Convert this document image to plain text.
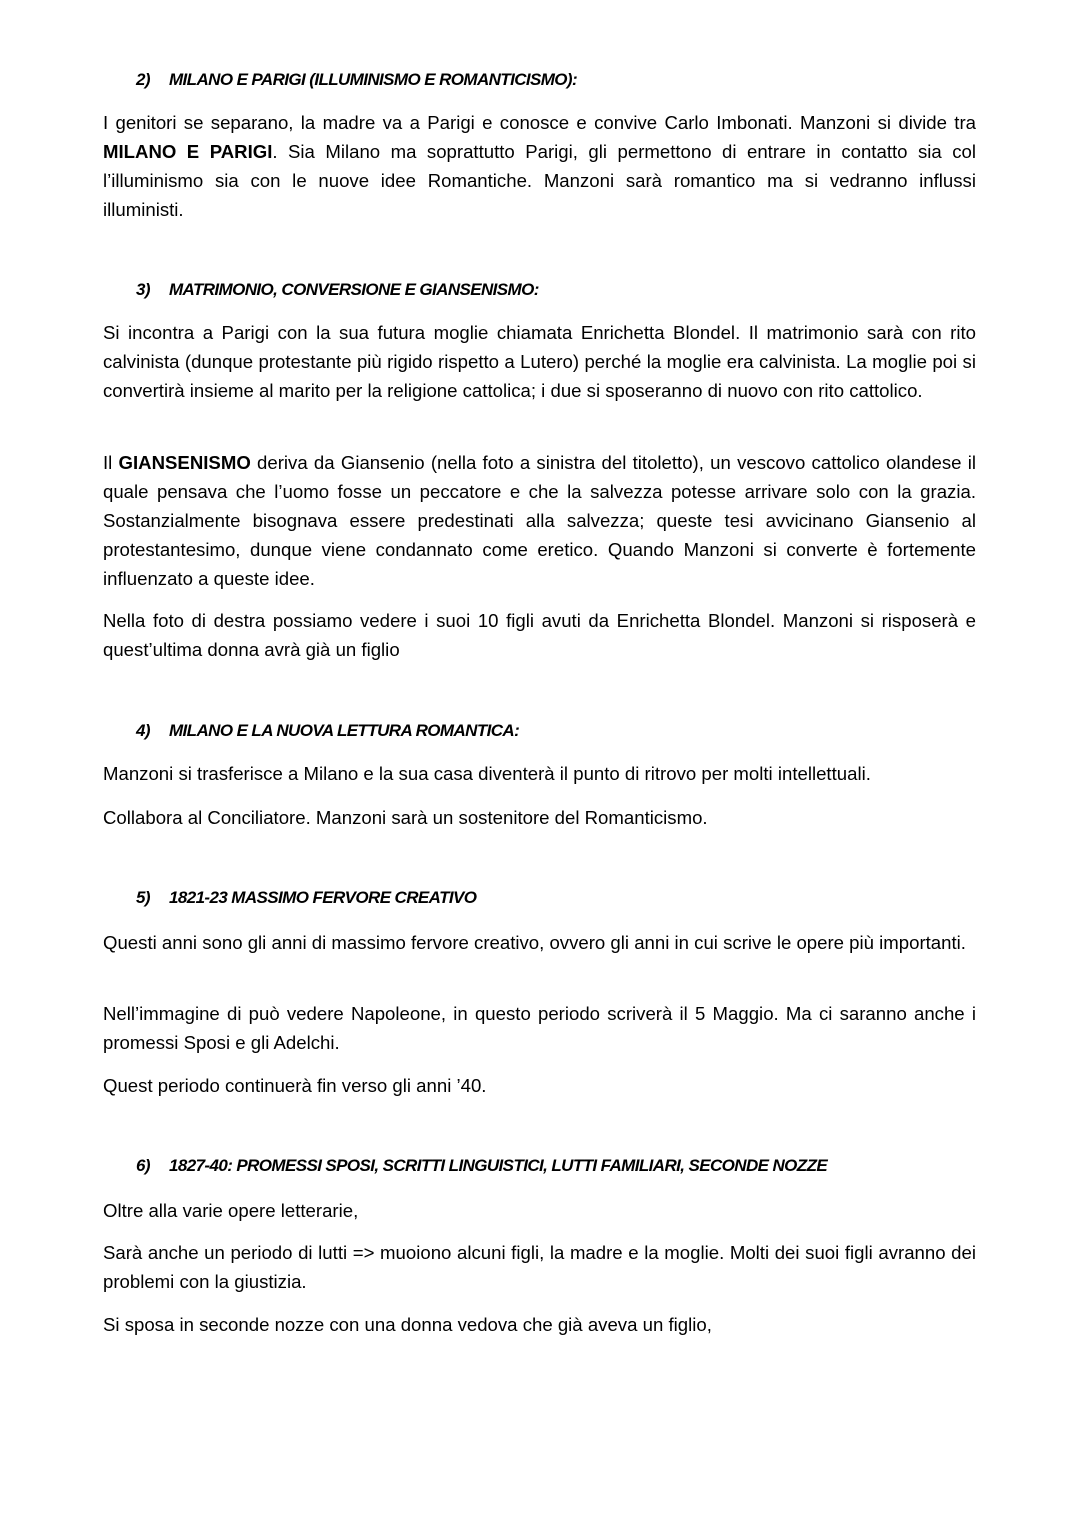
2) MILANO E PARIGI (ILLUMINISMO E ROMANTICISMO):

I genitori se separano, la madre va a Parigi e conosce e convive Carlo Imbonati. Manzoni si divide tra MILANO E PARIGI. Sia Milano ma soprattutto Parigi, gli permettono di entrare in contatto sia col l’illuminismo sia con le nuove idee Romantiche. Manzoni sarà romantico ma si vedranno influssi illuministi.

3) MATRIMONIO, CONVERSIONE E GIANSENISMO:

Si incontra a Parigi con la sua futura moglie chiamata Enrichetta Blondel. Il matrimonio sarà con rito calvinista (dunque protestante più rigido rispetto a Lutero) perché la moglie era calvinista. La moglie poi si convertirà insieme al marito per la religione cattolica; i due si sposeranno di nuovo con rito cattolico.

Il GIANSENISMO deriva da Giansenio (nella foto a sinistra del titoletto), un vescovo cattolico olandese il quale pensava che l’uomo fosse un peccatore e che la salvezza potesse arrivare solo con la grazia. Sostanzialmente bisognava essere predestinati alla salvezza; queste tesi avvicinano Giansenio al protestantesimo, dunque viene condannato come eretico. Quando Manzoni si converte è fortemente influenzato a queste idee.

Nella foto di destra possiamo vedere i suoi 10 figli avuti da Enrichetta Blondel. Manzoni si risposerà e quest’ultima donna avrà già un figlio

4) MILANO E LA NUOVA LETTURA ROMANTICA:

Manzoni si trasferisce a Milano e la sua casa diventerà il punto di ritrovo per molti intellettuali.

Collabora al Conciliatore. Manzoni sarà un sostenitore del Romanticismo.

5) 1821-23 MASSIMO FERVORE CREATIVO

Questi anni sono gli anni di massimo fervore creativo, ovvero gli anni in cui scrive le opere più importanti.

Nell’immagine di può vedere Napoleone, in questo periodo scriverà il 5 Maggio. Ma ci saranno anche i promessi Sposi e gli Adelchi.

Quest periodo continuerà fin verso gli anni ’40.

6) 1827-40: PROMESSI SPOSI, SCRITTI LINGUISTICI, LUTTI FAMILIARI, SECONDE NOZZE

Oltre alla varie opere letterarie,

Sarà anche un periodo di lutti => muoiono alcuni figli, la madre e la moglie. Molti dei suoi figli avranno dei problemi con la giustizia.

Si sposa in seconde nozze con una donna vedova che già aveva un figlio,
